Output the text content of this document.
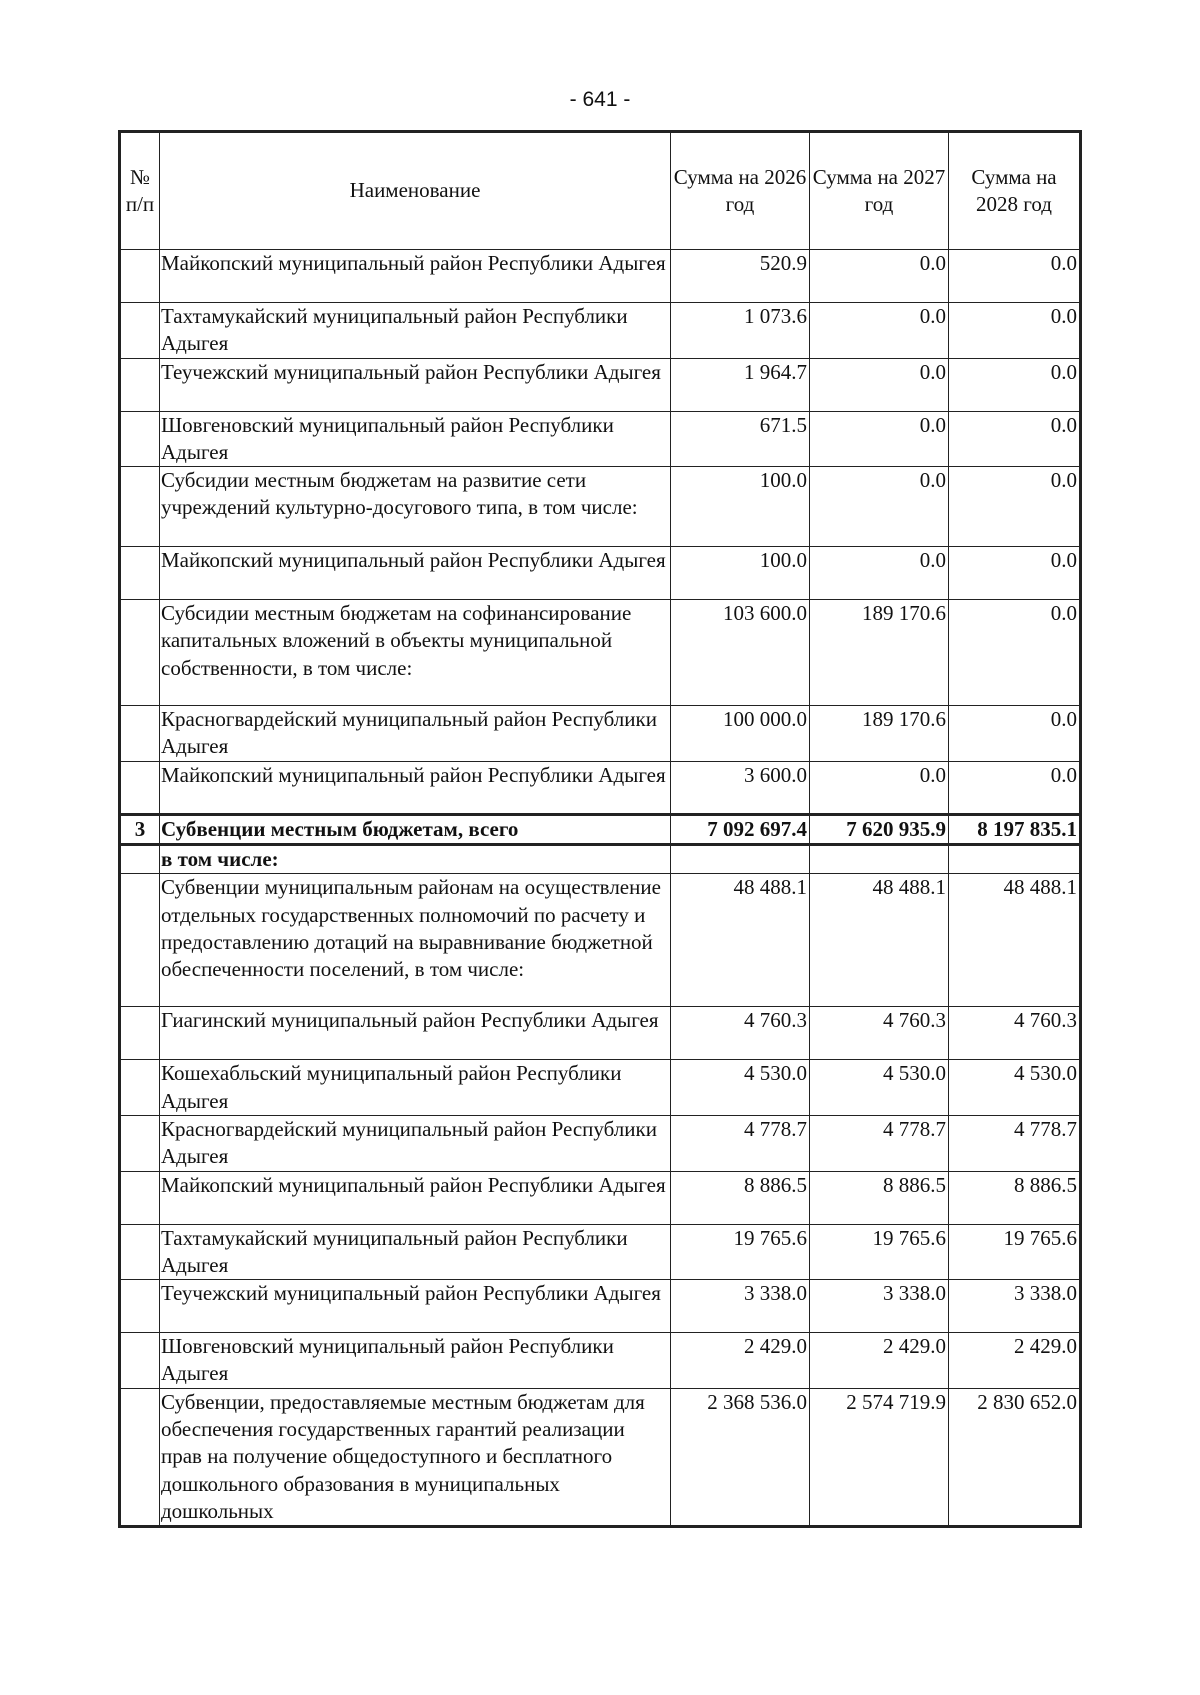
- 641 -
№ п/п	Наименование	Сумма на 2026 год	Сумма на 2027 год	Сумма на 2028 год
	Майкопский муниципальный район Республики Адыгея	520.9	0.0	0.0
	Тахтамукайский муниципальный район Республики Адыгея	1 073.6	0.0	0.0
	Теучежский муниципальный район Республики Адыгея	1 964.7	0.0	0.0
	Шовгеновский муниципальный район Республики Адыгея	671.5	0.0	0.0
	Субсидии местным бюджетам на развитие сети учреждений культурно-досугового типа, в том числе:	100.0	0.0	0.0
	Майкопский муниципальный район Республики Адыгея	100.0	0.0	0.0
	Субсидии местным бюджетам на софинансирование капитальных вложений в объекты муниципальной собственности, в том числе:	103 600.0	189 170.6	0.0
	Красногвардейский муниципальный район Республики Адыгея	100 000.0	189 170.6	0.0
	Майкопский муниципальный район Республики Адыгея	3 600.0	0.0	0.0
3	Субвенции местным бюджетам, всего	7 092 697.4	7 620 935.9	8 197 835.1
	в том числе:			
	Субвенции муниципальным районам на осуществление отдельных государственных полномочий по расчету и предоставлению дотаций на выравнивание бюджетной обеспеченности поселений, в том числе:	48 488.1	48 488.1	48 488.1
	Гиагинский муниципальный район Республики Адыгея	4 760.3	4 760.3	4 760.3
	Кошехабльский муниципальный район Республики Адыгея	4 530.0	4 530.0	4 530.0
	Красногвардейский муниципальный район Республики Адыгея	4 778.7	4 778.7	4 778.7
	Майкопский муниципальный район Республики Адыгея	8 886.5	8 886.5	8 886.5
	Тахтамукайский муниципальный район Республики Адыгея	19 765.6	19 765.6	19 765.6
	Теучежский муниципальный район Республики Адыгея	3 338.0	3 338.0	3 338.0
	Шовгеновский муниципальный район Республики Адыгея	2 429.0	2 429.0	2 429.0
	Субвенции, предоставляемые местным бюджетам для обеспечения государственных гарантий реализации прав на получение общедоступного и бесплатного дошкольного образования в муниципальных дошкольных	2 368 536.0	2 574 719.9	2 830 652.0
